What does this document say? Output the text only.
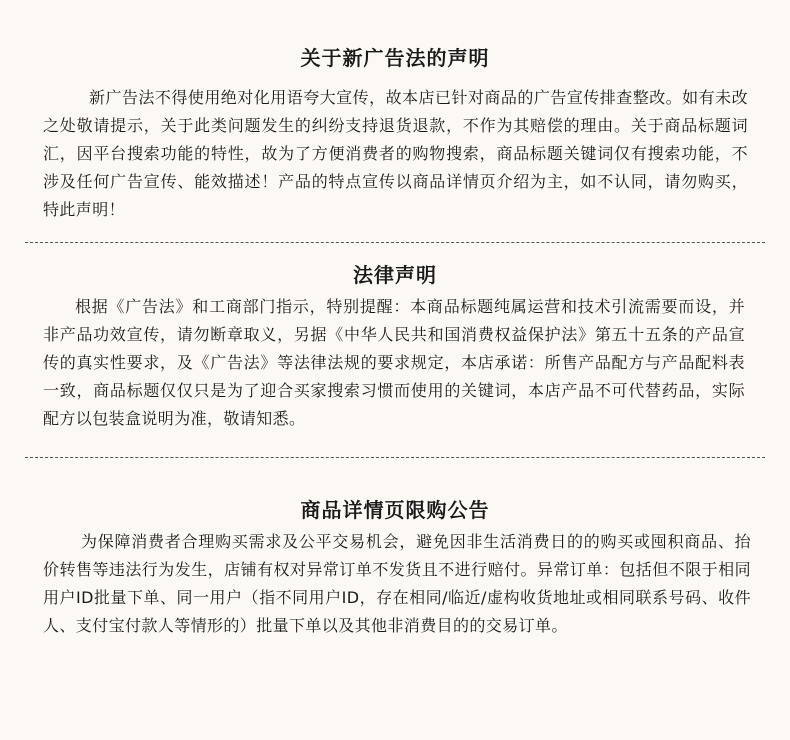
关于新广告法的声明

新广告法不得使用绝对化用语夸大宣传，故本店已针对商品的广告宣传排查整改。如有未改之处敬请提示，关于此类问题发生的纠纷支持退货退款，不作为其赔偿的理由。关于商品标题词汇，因平台搜索功能的特性，故为了方便消费者的购物搜索，商品标题关键词仅有搜索功能，不涉及任何广告宣传、能效描述！产品的特点宣传以商品详情页介绍为主，如不认同，请勿购买，特此声明！

法律声明

根据《广告法》和工商部门指示，特别提醒：本商品标题纯属运营和技术引流需要而设，并非产品功效宣传，请勿断章取义，另据《中华人民共和国消费权益保护法》第五十五条的产品宣传的真实性要求，及《广告法》等法律法规的要求规定，本店承诺：所售产品配方与产品配料表一致，商品标题仅仅只是为了迎合买家搜索习惯而使用的关键词，本店产品不可代替药品，实际配方以包装盒说明为准，敬请知悉。

商品详情页限购公告

为保障消费者合理购买需求及公平交易机会，避免因非生活消费日的的购买或囤积商品、抬价转售等违法行为发生，店铺有权对异常订单不发货且不进行赔付。异常订单：包括但不限于相同用户ID批量下单、同一用户（指不同用户ID，存在相同/临近/虚构收货地址或相同联系号码、收件人、支付宝付款人等情形的）批量下单以及其他非消费目的的交易订单。
